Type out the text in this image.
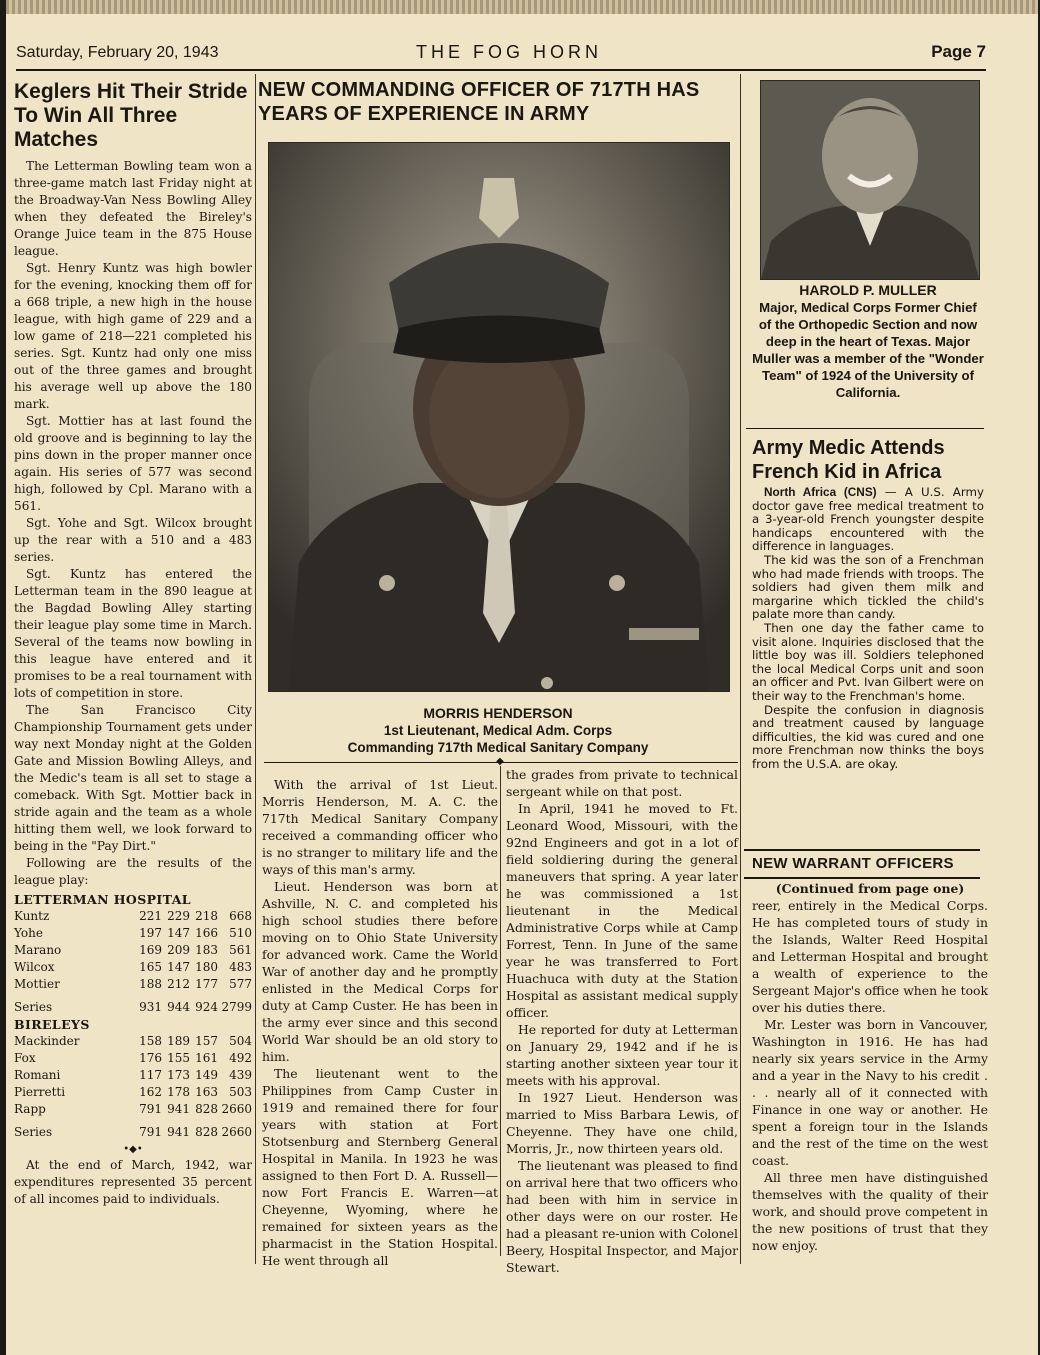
Saturday, February 20, 1943	THE FOG HORN	Page 7
Keglers Hit Their Stride To Win All Three Matches

The Letterman Bowling team won a three-game match last Friday night at the Broadway-Van Ness Bowling Alley when they defeated the Bireley's Orange Juice team in the 875 House league.

Sgt. Henry Kuntz was high bowler for the evening, knocking them off for a 668 triple, a new high in the house league, with high game of 229 and a low game of 218—221 completed his series. Sgt. Kuntz had only one miss out of the three games and brought his average well up above the 180 mark.

Sgt. Mottier has at last found the old groove and is beginning to lay the pins down in the proper manner once again. His series of 577 was second high, followed by Cpl. Marano with a 561.

Sgt. Yohe and Sgt. Wilcox brought up the rear with a 510 and a 483 series.

Sgt. Kuntz has entered the Letterman team in the 890 league at the Bagdad Bowling Alley starting their league play some time in March. Several of the teams now bowling in this league have entered and it promises to be a real tournament with lots of competition in store.

The San Francisco City Championship Tournament gets under way next Monday night at the Golden Gate and Mission Bowling Alleys, and the Medic's team is all set to stage a comeback. With Sgt. Mottier back in stride again and the team as a whole hitting them well, we look forward to being in the "Pay Dirt."

Following are the results of the league play:

LETTERMAN HOSPITAL
Kuntz	221	229	218	668
Yohe	197	147	166	510
Marano	169	209	183	561
Wilcox	165	147	180	483
Mottier	188	212	177	577
Series	931	944	924	2799
BIRELEYS
Mackinder	158	189	157	504
Fox	176	155	161	492
Romani	117	173	149	439
Pierretti	162	178	163	503
Rapp	791	941	828	2660
Series	791	941	828	2660
•◆•

At the end of March, 1942, war expenditures represented 35 percent of all incomes paid to individuals.

NEW COMMANDING OFFICER OF 717TH HAS YEARS OF EXPERIENCE IN ARMY
MORRIS HENDERSON
1st Lieutenant, Medical Adm. Corps
Commanding 717th Medical Sanitary Company
◆

With the arrival of 1st Lieut. Morris Henderson, M. A. C. the 717th Medical Sanitary Company received a commanding officer who is no stranger to military life and the ways of this man's army.

Lieut. Henderson was born at Ashville, N. C. and completed his high school studies there before moving on to Ohio State University for advanced work. Came the World War of another day and he promptly enlisted in the Medical Corps for duty at Camp Custer. He has been in the army ever since and this second World War should be an old story to him.

The lieutenant went to the Philippines from Camp Custer in 1919 and remained there for four years with station at Fort Stotsenburg and Sternberg General Hospital in Manila. In 1923 he was assigned to then Fort D. A. Russell—now Fort Francis E. Warren—at Cheyenne, Wyoming, where he remained for sixteen years as the pharmacist in the Station Hospital. He went through all

the grades from private to technical sergeant while on that post.

In April, 1941 he moved to Ft. Leonard Wood, Missouri, with the 92nd Engineers and got in a lot of field soldiering during the general maneuvers that spring. A year later he was commissioned a 1st lieutenant in the Medical Administrative Corps while at Camp Forrest, Tenn. In June of the same year he was transferred to Fort Huachuca with duty at the Station Hospital as assistant medical supply officer.

He reported for duty at Letterman on January 29, 1942 and if he is starting another sixteen year tour it meets with his approval.

In 1927 Lieut. Henderson was married to Miss Barbara Lewis, of Cheyenne. They have one child, Morris, Jr., now thirteen years old.

The lieutenant was pleased to find on arrival here that two officers who had been with him in service in other days were on our roster. He had a pleasant re-union with Colonel Beery, Hospital Inspector, and Major Stewart.

HAROLD P. MULLER
Major, Medical Corps Former Chief of the Orthopedic Section and now deep in the heart of Texas. Major Muller was a member of the "Wonder Team" of 1924 of the University of California.
Army Medic Attends French Kid in Africa

North Africa (CNS) — A U.S. Army doctor gave free medical treatment to a 3-year-old French youngster despite handicaps encountered with the difference in languages.

The kid was the son of a Frenchman who had made friends with troops. The soldiers had given them milk and margarine which tickled the child's palate more than candy.

Then one day the father came to visit alone. Inquiries disclosed that the little boy was ill. Soldiers telephoned the local Medical Corps unit and soon an officer and Pvt. Ivan Gilbert were on their way to the Frenchman's home.

Despite the confusion in diagnosis and treatment caused by language difficulties, the kid was cured and one more Frenchman now thinks the boys from the U.S.A. are okay.

NEW WARRANT OFFICERS
(Continued from page one)

reer, entirely in the Medical Corps. He has completed tours of study in the Islands, Walter Reed Hospital and Letterman Hospital and brought a wealth of experience to the Sergeant Major's office when he took over his duties there.

Mr. Lester was born in Vancouver, Washington in 1916. He has had nearly six years service in the Army and a year in the Navy to his credit . . . nearly all of it connected with Finance in one way or another. He spent a foreign tour in the Islands and the rest of the time on the west coast.

All three men have distinguished themselves with the quality of their work, and should prove competent in the new positions of trust that they now enjoy.
